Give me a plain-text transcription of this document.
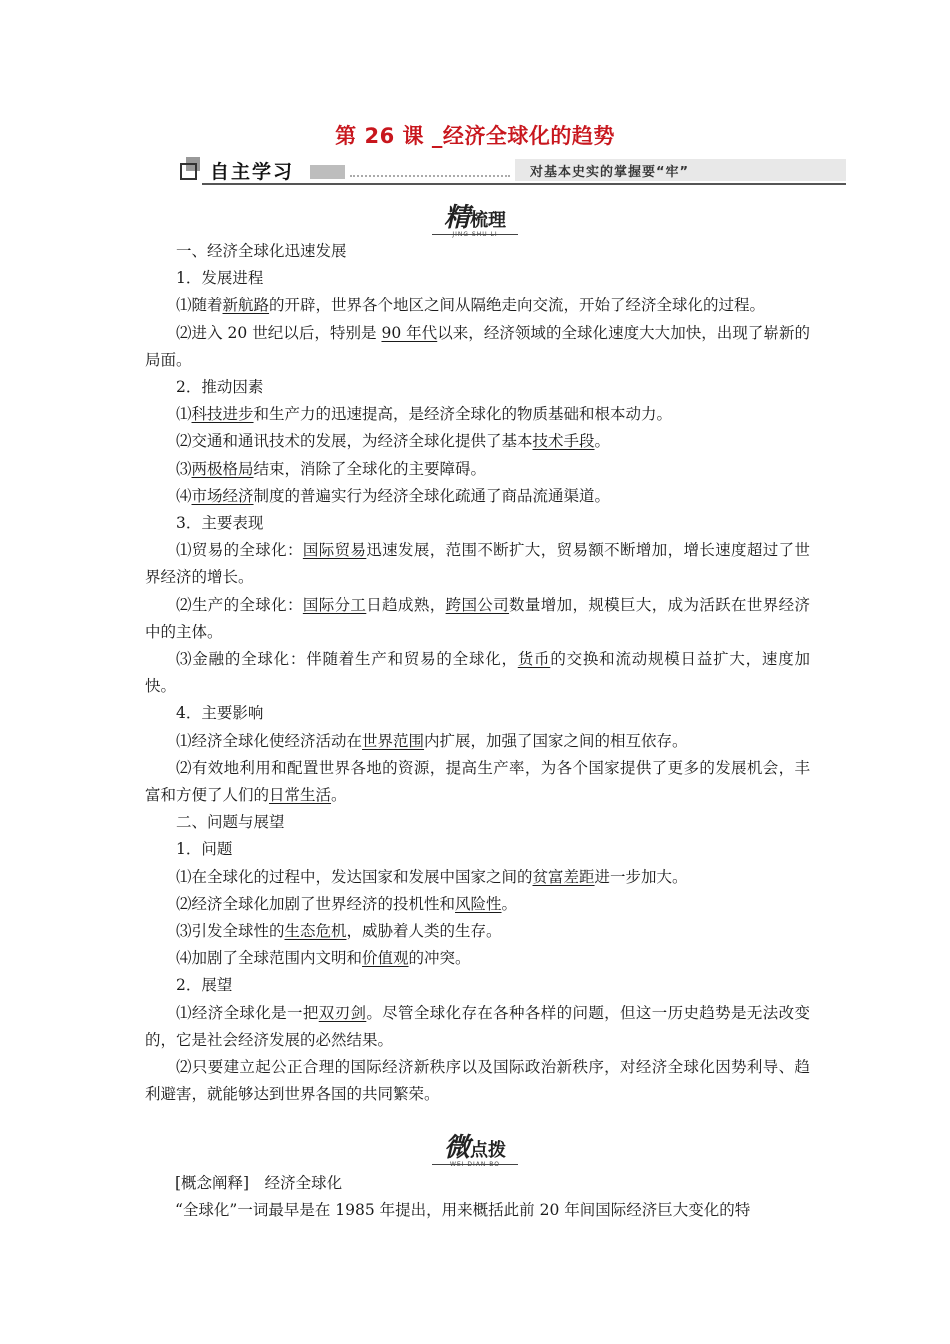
第 26 课 _经济全球化的趋势
自主学习	对基本史实的掌握要“牢”
精梳理
JING SHU LI

一、经济全球化迅速发展

1．发展进程

⑴随着新航路的开辟，世界各个地区之间从隔绝走向交流，开始了经济全球化的过程。

⑵进入 20 世纪以后，特别是 90 年代以来，经济领域的全球化速度大大加快，出现了崭新的局面。

2．推动因素

⑴科技进步和生产力的迅速提高，是经济全球化的物质基础和根本动力。

⑵交通和通讯技术的发展，为经济全球化提供了基本技术手段。

⑶两极格局结束，消除了全球化的主要障碍。

⑷市场经济制度的普遍实行为经济全球化疏通了商品流通渠道。

3．主要表现

⑴贸易的全球化：国际贸易迅速发展，范围不断扩大，贸易额不断增加，增长速度超过了世界经济的增长。

⑵生产的全球化：国际分工日趋成熟，跨国公司数量增加，规模巨大，成为活跃在世界经济中的主体。

⑶金融的全球化：伴随着生产和贸易的全球化，货币的交换和流动规模日益扩大，速度加快。

4．主要影响

⑴经济全球化使经济活动在世界范围内扩展，加强了国家之间的相互依存。

⑵有效地利用和配置世界各地的资源，提高生产率，为各个国家提供了更多的发展机会，丰富和方便了人们的日常生活。

二、问题与展望

1．问题

⑴在全球化的过程中，发达国家和发展中国家之间的贫富差距进一步加大。

⑵经济全球化加剧了世界经济的投机性和风险性。

⑶引发全球性的生态危机，威胁着人类的生存。

⑷加剧了全球范围内文明和价值观的冲突。

2．展望

⑴经济全球化是一把双刃剑。尽管全球化存在各种各样的问题，但这一历史趋势是无法改变的，它是社会经济发展的必然结果。

⑵只要建立起公正合理的国际经济新秩序以及国际政治新秩序，对经济全球化因势利导、趋利避害，就能够达到世界各国的共同繁荣。

微点拨
WEI DIAN BO

[概念阐释]　经济全球化

“全球化”一词最早是在 1985 年提出，用来概括此前 20 年间国际经济巨大变化的特
